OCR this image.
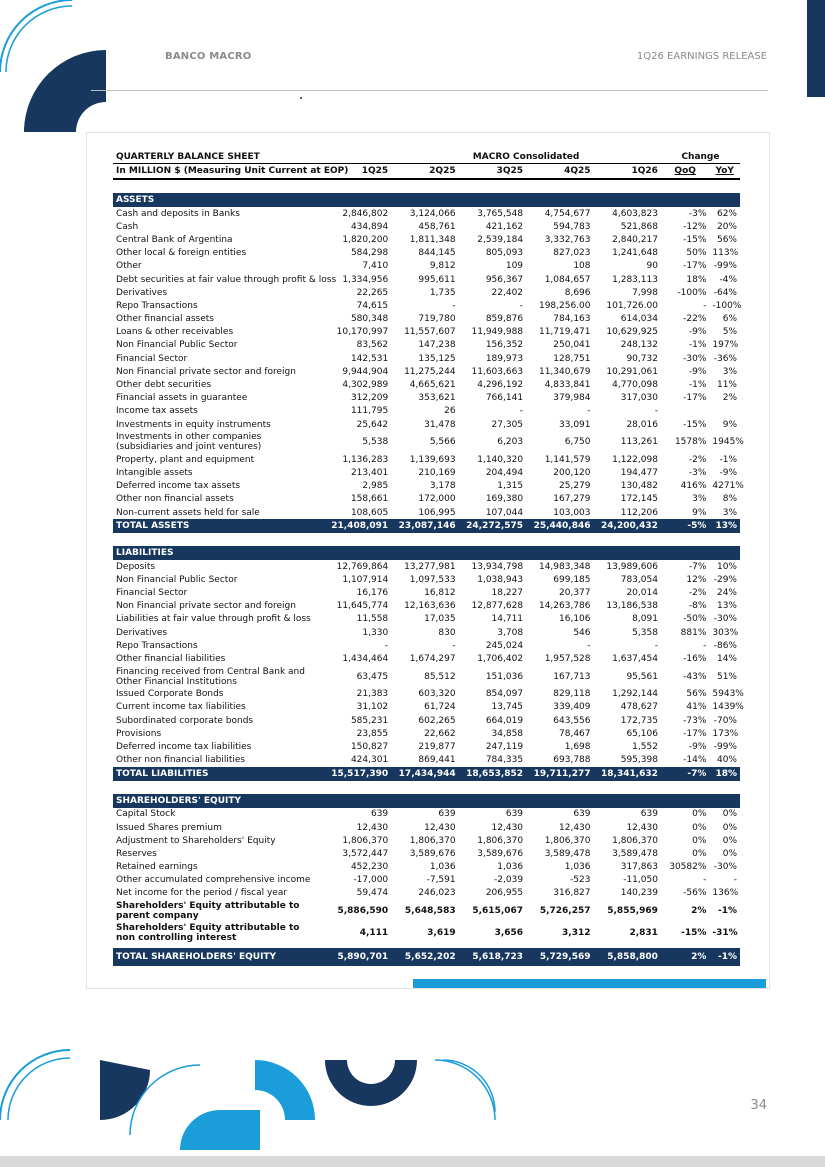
BANCO MACRO	1Q26 EARNINGS RELEASE
QUARTERLY BALANCE SHEET			MACRO Consolidated			Change	
In MILLION $ (Measuring Unit Current at EOP)	1Q25	2Q25	3Q25	4Q25	1Q26	QoQ	YoY

ASSETS							
Cash and deposits in Banks	2,846,802	3,124,066	3,765,548	4,754,677	4,603,823	-3%	62%
Cash	434,894	458,761	421,162	594,783	521,868	-12%	20%
Central Bank of Argentina	1,820,200	1,811,348	2,539,184	3,332,763	2,840,217	-15%	56%
Other local & foreign entities	584,298	844,145	805,093	827,023	1,241,648	50%	113%
Other	7,410	9,812	109	108	90	-17%	-99%
Debt securities at fair value through profit & loss	1,334,956	995,611	956,367	1,084,657	1,283,113	18%	-4%
Derivatives	22,265	1,735	22,402	8,696	7,998	-100%	-64%
Repo Transactions	74,615	-	-	198,256.00	101,726.00	-	-100%
Other financial assets	580,348	719,780	859,876	784,163	614,034	-22%	6%
Loans & other receivables	10,170,997	11,557,607	11,949,988	11,719,471	10,629,925	-9%	5%
Non Financial Public Sector	83,562	147,238	156,352	250,041	248,132	-1%	197%
Financial Sector	142,531	135,125	189,973	128,751	90,732	-30%	-36%
Non Financial private sector and foreign	9,944,904	11,275,244	11,603,663	11,340,679	10,291,061	-9%	3%
Other debt securities	4,302,989	4,665,621	4,296,192	4,833,841	4,770,098	-1%	11%
Financial assets in guarantee	312,209	353,621	766,141	379,984	317,030	-17%	2%
Income tax assets	111,795	26	-	-	-		
Investments in equity instruments	25,642	31,478	27,305	33,091	28,016	-15%	9%
Investments in other companies (subsidiaries and joint ventures)	5,538	5,566	6,203	6,750	113,261	1578%	1945%
Property, plant and equipment	1,136,283	1,139,693	1,140,320	1,141,579	1,122,098	-2%	-1%
Intangible assets	213,401	210,169	204,494	200,120	194,477	-3%	-9%
Deferred income tax assets	2,985	3,178	1,315	25,279	130,482	416%	4271%
Other non financial assets	158,661	172,000	169,380	167,279	172,145	3%	8%
Non-current assets held for sale	108,605	106,995	107,044	103,003	112,206	9%	3%
TOTAL ASSETS	21,408,091	23,087,146	24,272,575	25,440,846	24,200,432	-5%	13%

LIABILITIES							
Deposits	12,769,864	13,277,981	13,934,798	14,983,348	13,989,606	-7%	10%
Non Financial Public Sector	1,107,914	1,097,533	1,038,943	699,185	783,054	12%	-29%
Financial Sector	16,176	16,812	18,227	20,377	20,014	-2%	24%
Non Financial private sector and foreign	11,645,774	12,163,636	12,877,628	14,263,786	13,186,538	-8%	13%
Liabilities at fair value through profit & loss	11,558	17,035	14,711	16,106	8,091	-50%	-30%
Derivatives	1,330	830	3,708	546	5,358	881%	303%
Repo Transactions	-	-	245,024	-	-	-	-86%
Other financial liabilities	1,434,464	1,674,297	1,706,402	1,957,528	1,637,454	-16%	14%
Financing received from Central Bank and Other Financial Institutions	63,475	85,512	151,036	167,713	95,561	-43%	51%
Issued Corporate Bonds	21,383	603,320	854,097	829,118	1,292,144	56%	5943%
Current income tax liabilities	31,102	61,724	13,745	339,409	478,627	41%	1439%
Subordinated corporate bonds	585,231	602,265	664,019	643,556	172,735	-73%	-70%
Provisions	23,855	22,662	34,858	78,467	65,106	-17%	173%
Deferred income tax liabilities	150,827	219,877	247,119	1,698	1,552	-9%	-99%
Other non financial liabilities	424,301	869,441	784,335	693,788	595,398	-14%	40%
TOTAL LIABILITIES	15,517,390	17,434,944	18,653,852	19,711,277	18,341,632	-7%	18%

SHAREHOLDERS' EQUITY							
Capital Stock	639	639	639	639	639	0%	0%
Issued Shares premium	12,430	12,430	12,430	12,430	12,430	0%	0%
Adjustment to Shareholders' Equity	1,806,370	1,806,370	1,806,370	1,806,370	1,806,370	0%	0%
Reserves	3,572,447	3,589,676	3,589,676	3,589,478	3,589,478	0%	0%
Retained earnings	452,230	1,036	1,036	1,036	317,863	30582%	-30%
Other accumulated comprehensive income	-17,000	-7,591	-2,039	-523	-11,050	-	-
Net income for the period / fiscal year	59,474	246,023	206,955	316,827	140,239	-56%	136%
Shareholders' Equity attributable to parent company	5,886,590	5,648,583	5,615,067	5,726,257	5,855,969	2%	-1%
Shareholders' Equity attributable to non controlling interest	4,111	3,619	3,656	3,312	2,831	-15%	-31%

TOTAL SHAREHOLDERS' EQUITY	5,890,701	5,652,202	5,618,723	5,729,569	5,858,800	2%	-1%
34
